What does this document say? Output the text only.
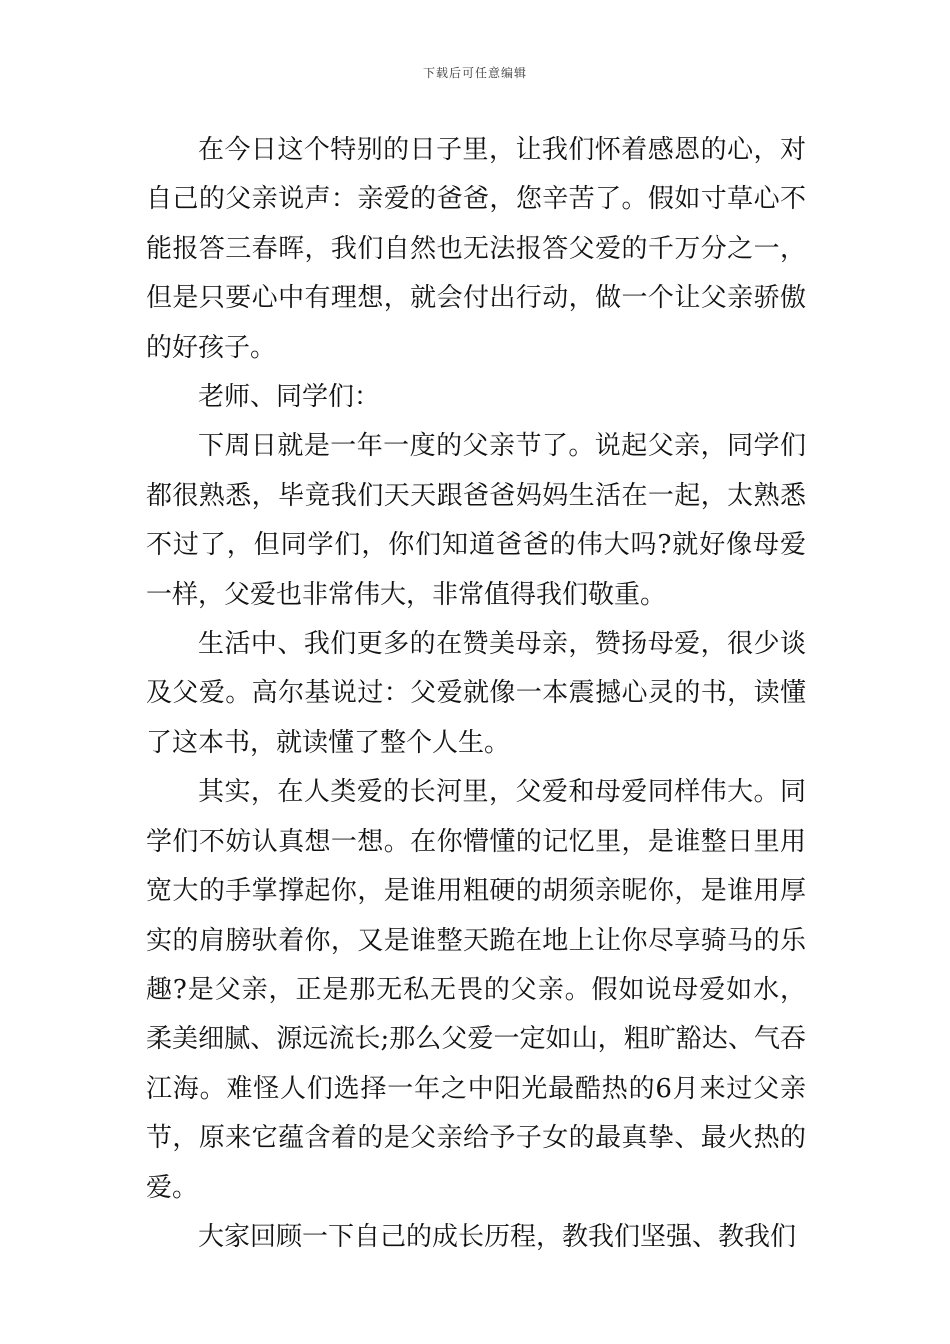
下载后可任意编辑

在今日这个特别的日子里，让我们怀着感恩的心，对自己的父亲说声：亲爱的爸爸，您辛苦了。假如寸草心不能报答三春晖，我们自然也无法报答父爱的千万分之一，但是只要心中有理想，就会付出行动，做一个让父亲骄傲的好孩子。

老师、同学们：

下周日就是一年一度的父亲节了。说起父亲，同学们都很熟悉，毕竟我们天天跟爸爸妈妈生活在一起，太熟悉不过了，但同学们，你们知道爸爸的伟大吗?就好像母爱一样，父爱也非常伟大，非常值得我们敬重。

生活中、我们更多的在赞美母亲，赞扬母爱，很少谈及父爱。高尔基说过：父爱就像一本震撼心灵的书，读懂了这本书，就读懂了整个人生。

其实，在人类爱的长河里，父爱和母爱同样伟大。同学们不妨认真想一想。在你懵懂的记忆里，是谁整日里用宽大的手掌撑起你，是谁用粗硬的胡须亲昵你，是谁用厚实的肩膀驮着你，又是谁整天跪在地上让你尽享骑马的乐趣?是父亲，正是那无私无畏的父亲。假如说母爱如水，柔美细腻、源远流长;那么父爱一定如山，粗旷豁达、气吞江海。难怪人们选择一年之中阳光最酷热的6月来过父亲节，原来它蕴含着的是父亲给予子女的最真挚、最火热的爱。

大家回顾一下自己的成长历程，教我们坚强、教我们
